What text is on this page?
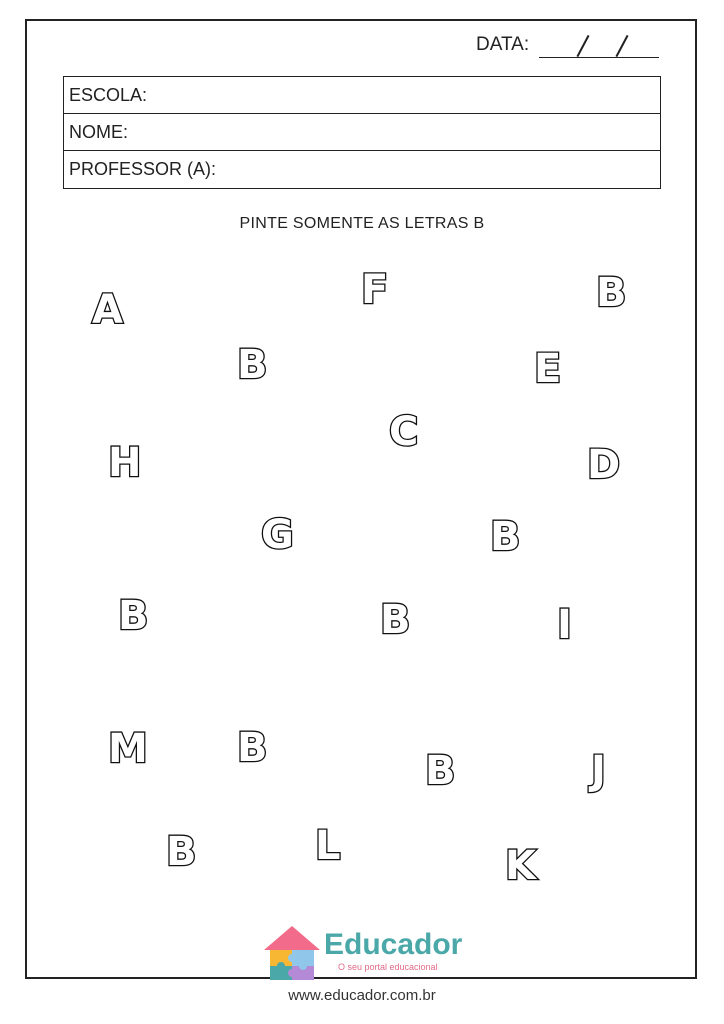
DATA:
ESCOLA:
NOME:
PROFESSOR (A):
PINTE SOMENTE AS LETRAS B
A	F	B
B	E
C
H	D
G	B
B	B	I
M B	B	J
B	L	K
Educador
O seu portal educacional
www.educador.com.br
